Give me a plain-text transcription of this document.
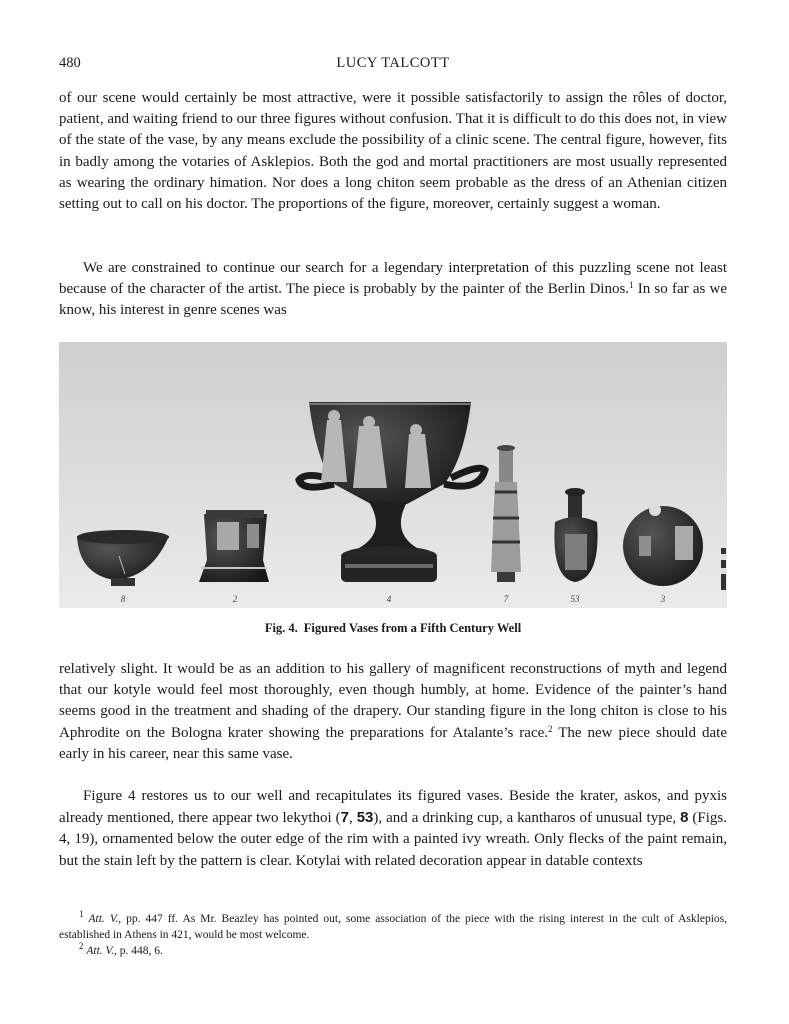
480	LUCY TALCOTT

of our scene would certainly be most attractive, were it possible satisfactorily to assign the rôles of doctor, patient, and waiting friend to our three figures without confusion. That it is difficult to do this does not, in view of the state of the vase, by any means exclude the possibility of a clinic scene. The central figure, however, fits in badly among the votaries of Asklepios. Both the god and mortal practitioners are most usually represented as wearing the ordinary himation. Nor does a long chiton seem probable as the dress of an Athenian citizen setting out to call on his doctor. The proportions of the figure, moreover, certainly suggest a woman.

We are constrained to continue our search for a legendary interpretation of this puzzling scene not least because of the character of the artist. The piece is probably by the painter of the Berlin Dinos.$^1$ In so far as we know, his interest in genre scenes was

8	2	4	7	53	3
Fig. 4. Figured Vases from a Fifth Century Well

relatively slight. It would be as an addition to his gallery of magnificent reconstructions of myth and legend that our kotyle would feel most thoroughly, even though humbly, at home. Evidence of the painter’s hand seems good in the treatment and shading of the drapery. Our standing figure in the long chiton is close to his Aphrodite on the Bologna krater showing the preparations for Atalante’s race.$^2$ The new piece should date early in his career, near this same vase.

Figure 4 restores us to our well and recapitulates its figured vases. Beside the krater, askos, and pyxis already mentioned, there appear two lekythoi (7, 53), and a drinking cup, a kantharos of unusual type, 8 (Figs. 4, 19), ornamented below the outer edge of the rim with a painted ivy wreath. Only flecks of the paint remain, but the stain left by the pattern is clear. Kotylai with related decoration appear in datable contexts

$^1$ Att. V., pp. 447 ff. As Mr. Beazley has pointed out, some association of the piece with the rising interest in the cult of Asklepios, established in Athens in 421, would be most welcome.

$^2$ Att. V., p. 448, 6.
